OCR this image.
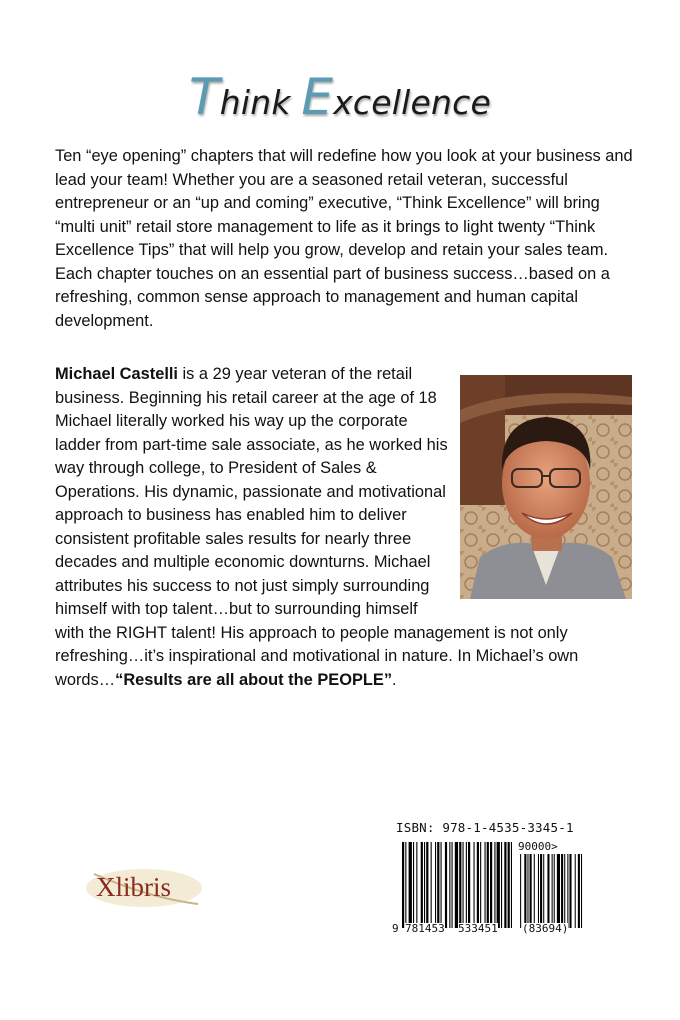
Think Excellence

Ten “eye opening” chapters that will redefine how you look at your business and lead your team! Whether you are a seasoned retail veteran, successful entrepreneur or an “up and coming” executive, “Think Excellence” will bring “multi unit” retail store management to life as it brings to light twenty “Think Excellence Tips” that will help you grow, develop and retain your sales team. Each chapter touches on an essential part of business success…based on a refreshing, common sense approach to management and human capital development.

Michael Castelli is a 29 year veteran of the retail business. Beginning his retail career at the age of 18 Michael literally worked his way up the corporate ladder from part-time sale associate, as he worked his way through college, to President of Sales & Operations. His dynamic, passionate and motivational approach to business has enabled him to deliver consistent profitable sales results for nearly three decades and multiple economic downturns. Michael attributes his success to not just simply surrounding himself with top talent…but to surrounding himself with the RIGHT talent! His approach to people management is not only refreshing…it’s inspirational and motivational in nature. In Michael’s own words…“Results are all about the PEOPLE”.
Xlibris
ISBN: 978-1-4535-3345-1
90000>
9 781453 533451 (83694)
